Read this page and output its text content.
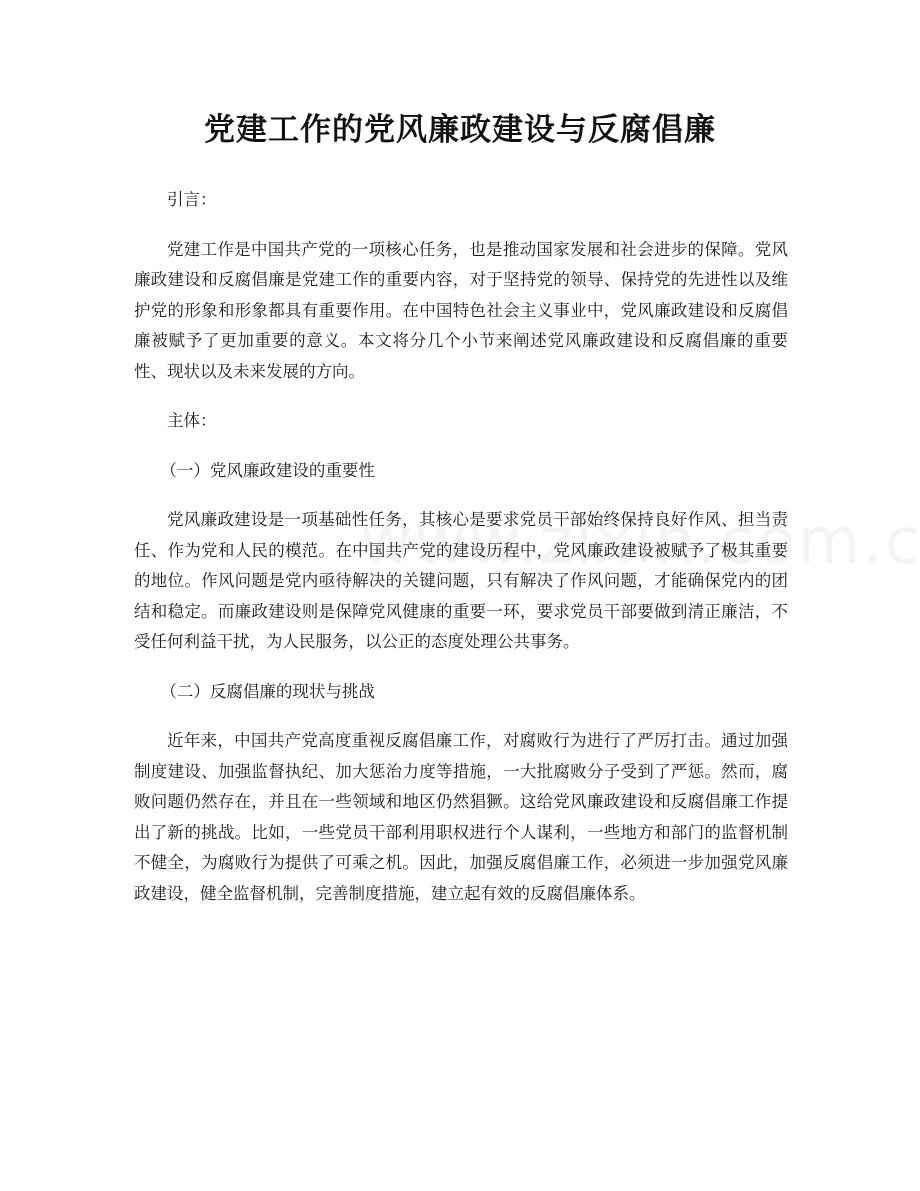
党建工作的党风廉政建设与反腐倡廉

引言：

党建工作是中国共产党的一项核心任务，也是推动国家发展和社会进步的保障。党风廉政建设和反腐倡廉是党建工作的重要内容，对于坚持党的领导、保持党的先进性以及维护党的形象和形象都具有重要作用。在中国特色社会主义事业中，党风廉政建设和反腐倡廉被赋予了更加重要的意义。本文将分几个小节来阐述党风廉政建设和反腐倡廉的重要性、现状以及未来发展的方向。

主体：

（一）党风廉政建设的重要性

党风廉政建设是一项基础性任务，其核心是要求党员干部始终保持良好作风、担当责任、作为党和人民的模范。在中国共产党的建设历程中，党风廉政建设被赋予了极其重要的地位。作风问题是党内亟待解决的关键问题，只有解决了作风问题，才能确保党内的团结和稳定。而廉政建设则是保障党风健康的重要一环，要求党员干部要做到清正廉洁，不受任何利益干扰，为人民服务，以公正的态度处理公共事务。

（二）反腐倡廉的现状与挑战

近年来，中国共产党高度重视反腐倡廉工作，对腐败行为进行了严厉打击。通过加强制度建设、加强监督执纪、加大惩治力度等措施，一大批腐败分子受到了严惩。然而，腐败问题仍然存在，并且在一些领域和地区仍然猖獗。这给党风廉政建设和反腐倡廉工作提出了新的挑战。比如，一些党员干部利用职权进行个人谋利，一些地方和部门的监督机制不健全，为腐败行为提供了可乘之机。因此，加强反腐倡廉工作，必须进一步加强党风廉政建设，健全监督机制，完善制度措施，建立起有效的反腐倡廉体系。
